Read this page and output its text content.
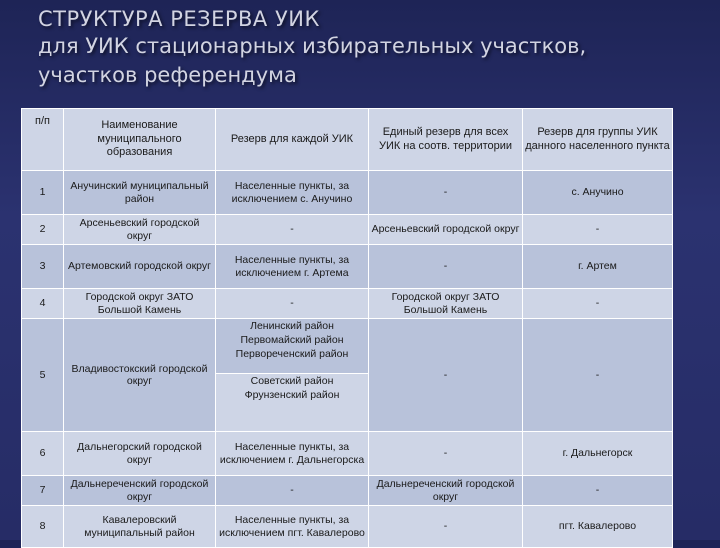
СТРУКТУРА РЕЗЕРВА УИК
для УИК стационарных избирательных участков,
участков референдума
п/п	Наименование муниципального образования	Резерв для каждой УИК	Единый резерв для всех УИК на соотв. территории	Резерв для группы УИК данного населенного пункта
1	Анучинский муниципальный район	Населенные пункты, за исключением с. Анучино	-	с. Анучино
2	Арсеньевский городской округ	-	Арсеньевский городской округ	-
3	Артемовский городской округ	Населенные пункты, за исключением г. Артема	-	г. Артем
4	Городской округ ЗАТО Большой Камень	-	Городской округ ЗАТО Большой Камень	-
5	Владивостокский городской округ	Ленинский район
Первомайский район
Первореченский район
Советский район
Фрунзенский район	-	-
6	Дальнегорский городской округ	Населенные пункты, за исключением г. Дальнегорска	-	г. Дальнегорск
7	Дальнереченский городской округ	-	Дальнереченский городской округ	-
8	Кавалеровский муниципальный район	Населенные пункты, за исключением пгт. Кавалерово	-	пгт. Кавалерово
